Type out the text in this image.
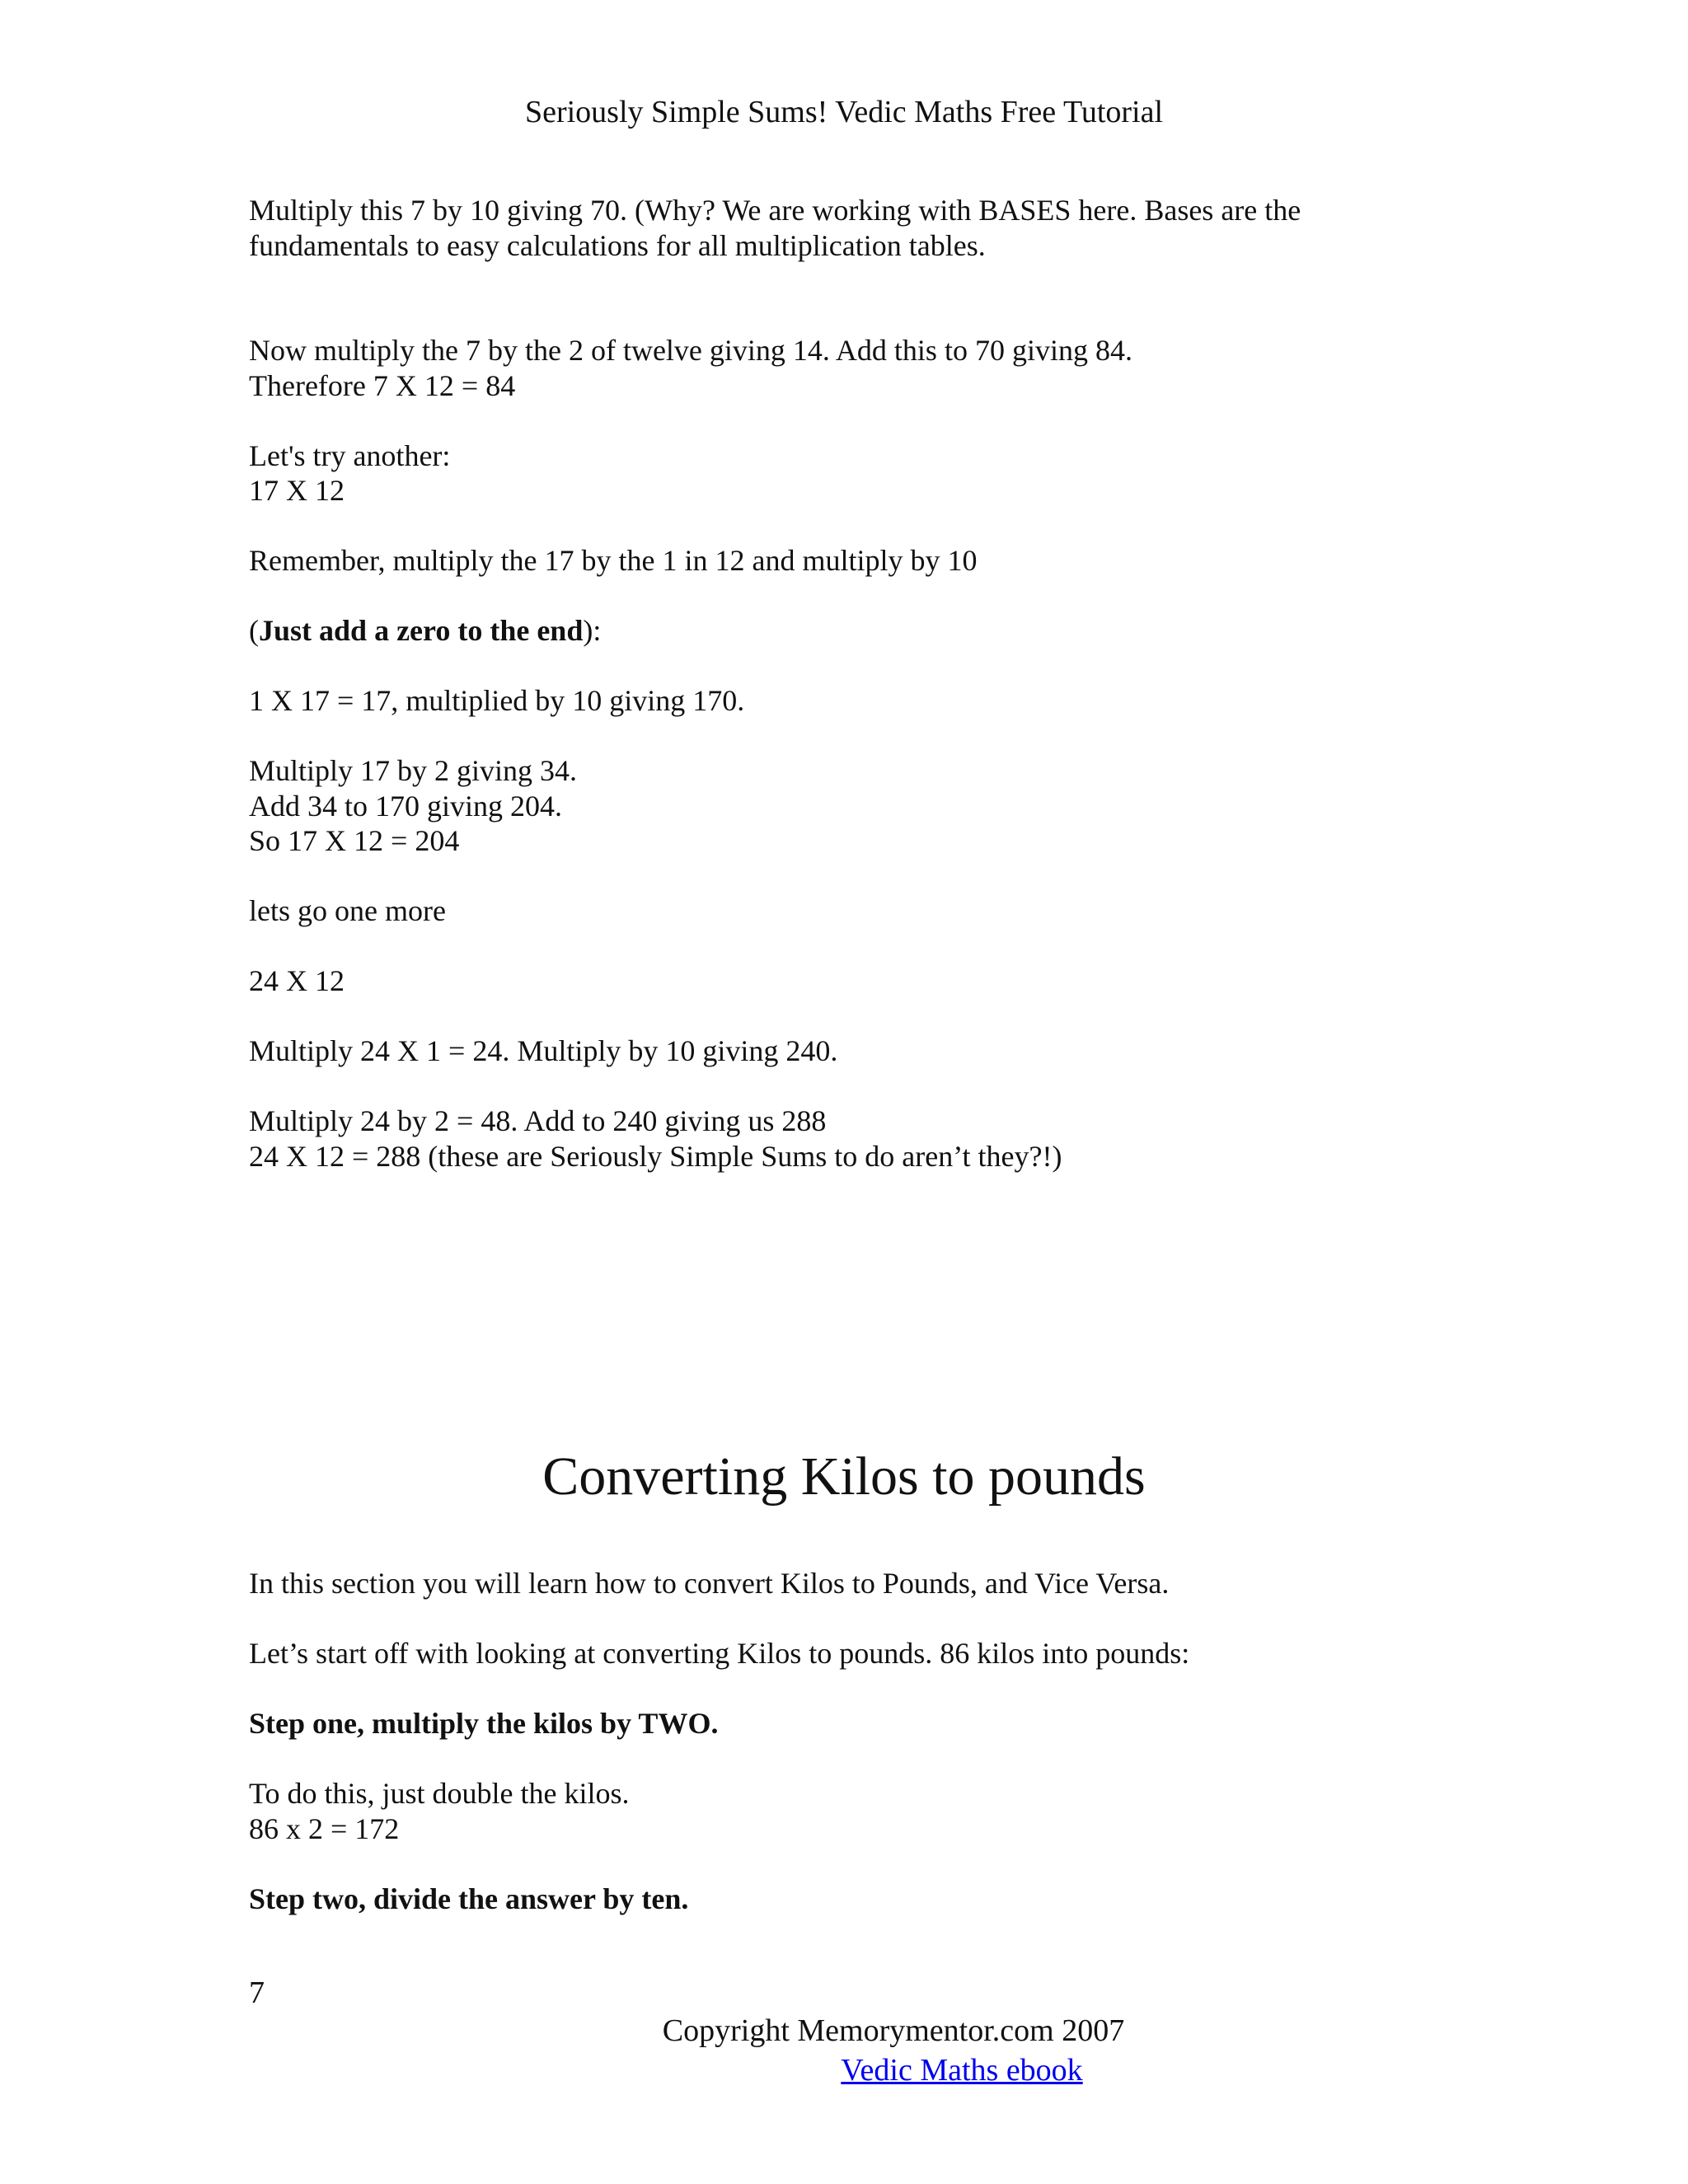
Seriously Simple Sums! Vedic Maths Free Tutorial

Multiply this 7 by 10 giving 70. (Why? We are working with BASES here. Bases are the

fundamentals to easy calculations for all multiplication tables.

Now multiply the 7 by the 2 of twelve giving 14. Add this to 70 giving 84.

Therefore 7 X 12 = 84

Let's try another:

17 X 12

Remember, multiply the 17 by the 1 in 12 and multiply by 10

(Just add a zero to the end):

1 X 17 = 17, multiplied by 10 giving 170.

Multiply 17 by 2 giving 34.

Add 34 to 170 giving 204.

So 17 X 12 = 204

lets go one more

24 X 12

Multiply 24 X 1 = 24. Multiply by 10 giving 240.

Multiply 24 by 2 = 48. Add to 240 giving us 288

24 X 12 = 288 (these are Seriously Simple Sums to do aren’t they?!)

Converting Kilos to pounds

In this section you will learn how to convert Kilos to Pounds, and Vice Versa.

Let’s start off with looking at converting Kilos to pounds. 86 kilos into pounds:

Step one, multiply the kilos by TWO.

To do this, just double the kilos.

86 x 2 = 172

Step two, divide the answer by ten.

7
Copyright Memorymentor.com 2007
Vedic Maths ebook
